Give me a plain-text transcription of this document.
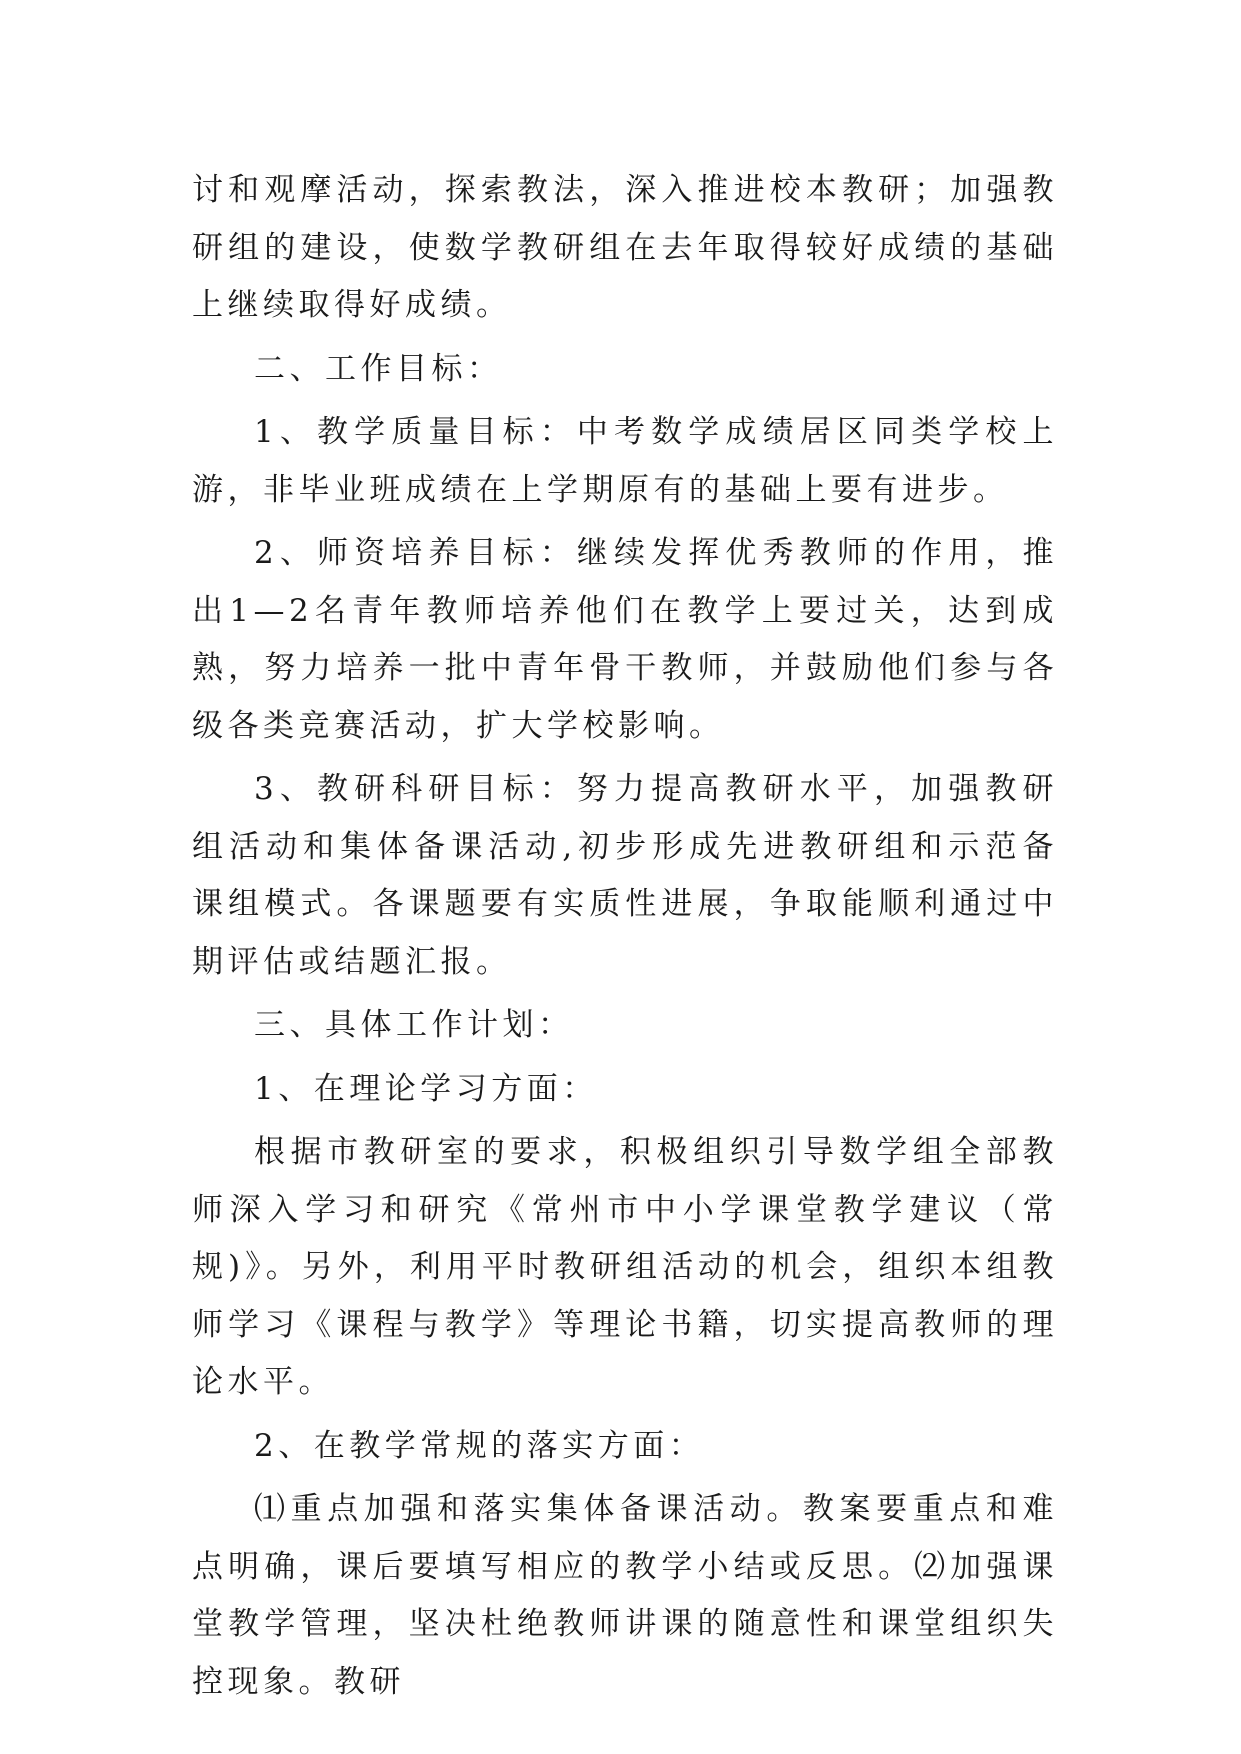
讨和观摩活动，探索教法，深入推进校本教研；加强教研组的建设，使数学教研组在去年取得较好成绩的基础上继续取得好成绩。

二、工作目标：

1、教学质量目标：中考数学成绩居区同类学校上游，非毕业班成绩在上学期原有的基础上要有进步。

2、师资培养目标：继续发挥优秀教师的作用，推出1—2名青年教师培养他们在教学上要过关，达到成熟，努力培养一批中青年骨干教师，并鼓励他们参与各级各类竞赛活动，扩大学校影响。

3、教研科研目标：努力提高教研水平，加强教研组活动和集体备课活动,初步形成先进教研组和示范备课组模式。各课题要有实质性进展，争取能顺利通过中期评估或结题汇报。

三、具体工作计划：

1、在理论学习方面：

根据市教研室的要求，积极组织引导数学组全部教师深入学习和研究《常州市中小学课堂教学建议（常规)》。另外，利用平时教研组活动的机会，组织本组教师学习《课程与教学》等理论书籍，切实提高教师的理论水平。

2、在教学常规的落实方面：

⑴重点加强和落实集体备课活动。教案要重点和难点明确，课后要填写相应的教学小结或反思。⑵加强课堂教学管理，坚决杜绝教师讲课的随意性和课堂组织失控现象。教研
